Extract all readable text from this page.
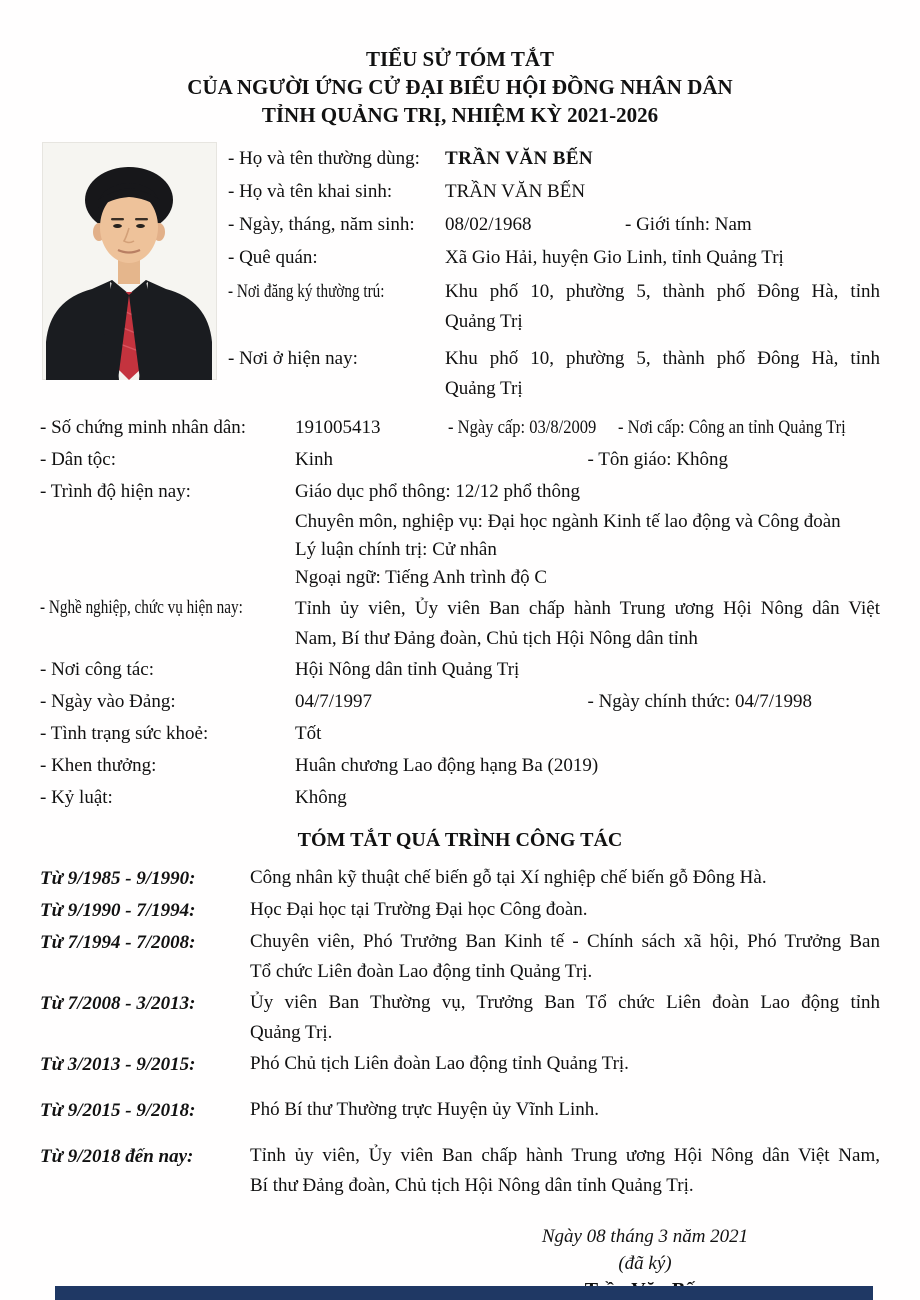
TIỂU SỬ TÓM TẮT
CỦA NGƯỜI ỨNG CỬ ĐẠI BIỂU HỘI ĐỒNG NHÂN DÂN
TỈNH QUẢNG TRỊ, NHIỆM KỲ 2021-2026
- Họ và tên thường dùng:	TRẦN VĂN BẾN
- Họ và tên khai sinh:	TRẦN VĂN BẾN
- Ngày, tháng, năm sinh:	08/02/1968	- Giới tính: Nam
- Quê quán:	Xã Gio Hải, huyện Gio Linh, tỉnh Quảng Trị
- Nơi đăng ký thường trú:	Khu phố 10, phường 5, thành phố Đông Hà, tỉnh
Quảng Trị
- Nơi ở hiện nay:	Khu phố 10, phường 5, thành phố Đông Hà, tỉnh
Quảng Trị
- Số chứng minh nhân dân:	191005413	- Ngày cấp: 03/8/2009	- Nơi cấp: Công an tỉnh Quảng Trị
- Dân tộc:	Kinh	- Tôn giáo: Không
- Trình độ hiện nay:	Giáo dục phổ thông: 12/12 phổ thông
Chuyên môn, nghiệp vụ: Đại học ngành Kinh tế lao động và Công đoàn
Lý luận chính trị: Cử nhân
Ngoại ngữ: Tiếng Anh trình độ C
- Nghề nghiệp, chức vụ hiện nay:	Tỉnh ủy viên, Ủy viên Ban chấp hành Trung ương Hội Nông dân Việt
Nam, Bí thư Đảng đoàn, Chủ tịch Hội Nông dân tỉnh
- Nơi công tác:	Hội Nông dân tỉnh Quảng Trị
- Ngày vào Đảng:	04/7/1997	- Ngày chính thức: 04/7/1998
- Tình trạng sức khoẻ:	Tốt
- Khen thưởng:	Huân chương Lao động hạng Ba (2019)
- Kỷ luật:	Không
TÓM TẮT QUÁ TRÌNH CÔNG TÁC
Từ 9/1985 - 9/1990:	Công nhân kỹ thuật chế biến gỗ tại Xí nghiệp chế biến gỗ Đông Hà.
Từ 9/1990 - 7/1994:	Học Đại học tại Trường Đại học Công đoàn.
Từ 7/1994 - 7/2008:	Chuyên viên, Phó Trưởng Ban Kinh tế - Chính sách xã hội, Phó Trưởng Ban
Tổ chức Liên đoàn Lao động tỉnh Quảng Trị.
Từ 7/2008 - 3/2013:	Ủy viên Ban Thường vụ, Trưởng Ban Tổ chức Liên đoàn Lao động tỉnh
Quảng Trị.
Từ 3/2013 - 9/2015:	Phó Chủ tịch Liên đoàn Lao động tỉnh Quảng Trị.
Từ 9/2015 - 9/2018:	Phó Bí thư Thường trực Huyện ủy Vĩnh Linh.
Từ 9/2018 đến nay:	Tỉnh ủy viên, Ủy viên Ban chấp hành Trung ương Hội Nông dân Việt Nam,
Bí thư Đảng đoàn, Chủ tịch Hội Nông dân tỉnh Quảng Trị.
Ngày 08 tháng 3 năm 2021
(đã ký)
